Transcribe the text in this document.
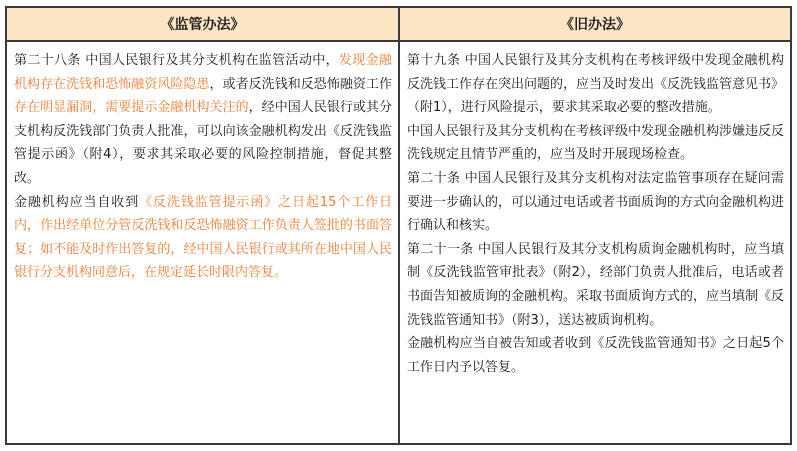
《监管办法》	《旧办法》

第二十八条 中国人民银行及其分支机构在监管活动中，发现金融机构存在洗钱和恐怖融资风险隐患，或者反洗钱和反恐怖融资工作存在明显漏洞，需要提示金融机构关注的，经中国人民银行或其分支机构反洗钱部门负责人批准，可以向该金融机构发出《反洗钱监管提示函》（附4），要求其采取必要的风险控制措施，督促其整改。

金融机构应当自收到《反洗钱监管提示函》之日起15个工作日内，作出经单位分管反洗钱和反恐怖融资工作负责人签批的书面答复；如不能及时作出答复的，经中国人民银行或其所在地中国人民银行分支机构同意后，在规定延长时限内答复。

第十九条 中国人民银行及其分支机构在考核评级中发现金融机构反洗钱工作存在突出问题的，应当及时发出《反洗钱监管意见书》（附1），进行风险提示，要求其采取必要的整改措施。

中国人民银行及其分支机构在考核评级中发现金融机构涉嫌违反反洗钱规定且情节严重的，应当及时开展现场检查。

第二十条 中国人民银行及其分支机构对法定监管事项存在疑问需要进一步确认的，可以通过电话或者书面质询的方式向金融机构进行确认和核实。

第二十一条 中国人民银行及其分支机构质询金融机构时，应当填制《反洗钱监管审批表》（附2），经部门负责人批准后，电话或者书面告知被质询的金融机构。采取书面质询方式的，应当填制《反洗钱监管通知书》（附3），送达被质询机构。

金融机构应当自被告知或者收到《反洗钱监管通知书》之日起5个工作日内予以答复。
